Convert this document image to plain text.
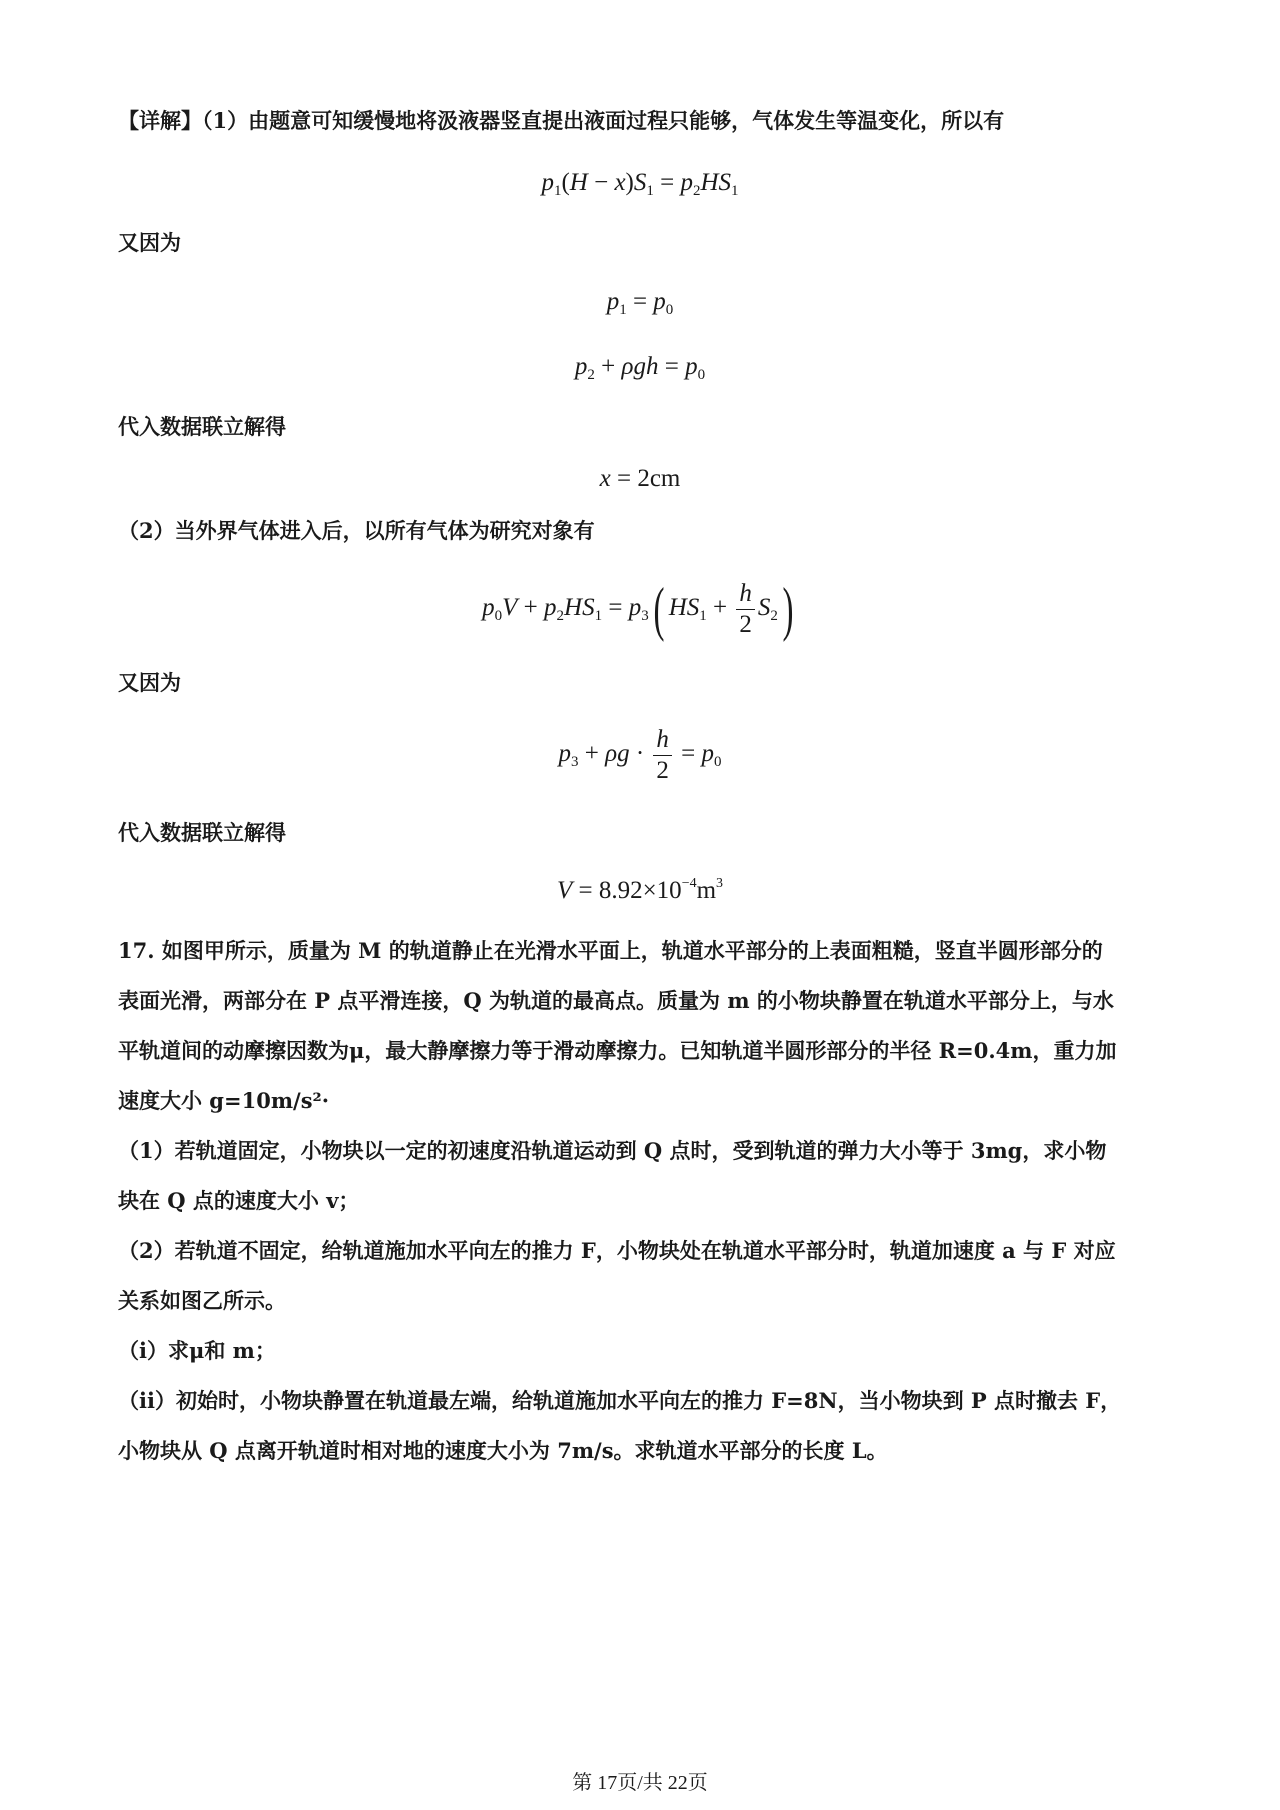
【详解】（1）由题意可知缓慢地将汲液器竖直提出液面过程只能够，气体发生等温变化，所以有
$p_1(H - x)S_1 = p_2HS_1$
又因为
$p_1 = p_0$
$p_2 + \rho gh = p_0$
代入数据联立解得
x = 2cm
（2）当外界气体进入后，以所有气体为研究对象有
$p_0V + p_2HS_1 = p_3$( $HS_1 + \frac{h}{2} S_2$)
又因为
$p_3 + \rho g \cdot \frac{h}{2} = p_0$
代入数据联立解得
$V = 8.92\times 10^{-4}m^3$
17. 如图甲所示，质量为 M 的轨道静止在光滑水平面上，轨道水平部分的上表面粗糙，竖直半圆形部分的
表面光滑，两部分在 P 点平滑连接，Q 为轨道的最高点。质量为 m 的小物块静置在轨道水平部分上，与水
平轨道间的动摩擦因数为μ，最大静摩擦力等于滑动摩擦力。已知轨道半圆形部分的半径 R=0.4m，重力加
速度大小 g=10m/s²·
（1）若轨道固定，小物块以一定的初速度沿轨道运动到 Q 点时，受到轨道的弹力大小等于 3mg，求小物
块在 Q 点的速度大小 v；
（2）若轨道不固定，给轨道施加水平向左的推力 F，小物块处在轨道水平部分时，轨道加速度 a 与 F 对应
关系如图乙所示。
（i）求μ和 m；
（ii）初始时，小物块静置在轨道最左端，给轨道施加水平向左的推力 F=8N，当小物块到 P 点时撤去 F，
小物块从 Q 点离开轨道时相对地的速度大小为 7m/s。求轨道水平部分的长度 L。
第 17页/共 22页
